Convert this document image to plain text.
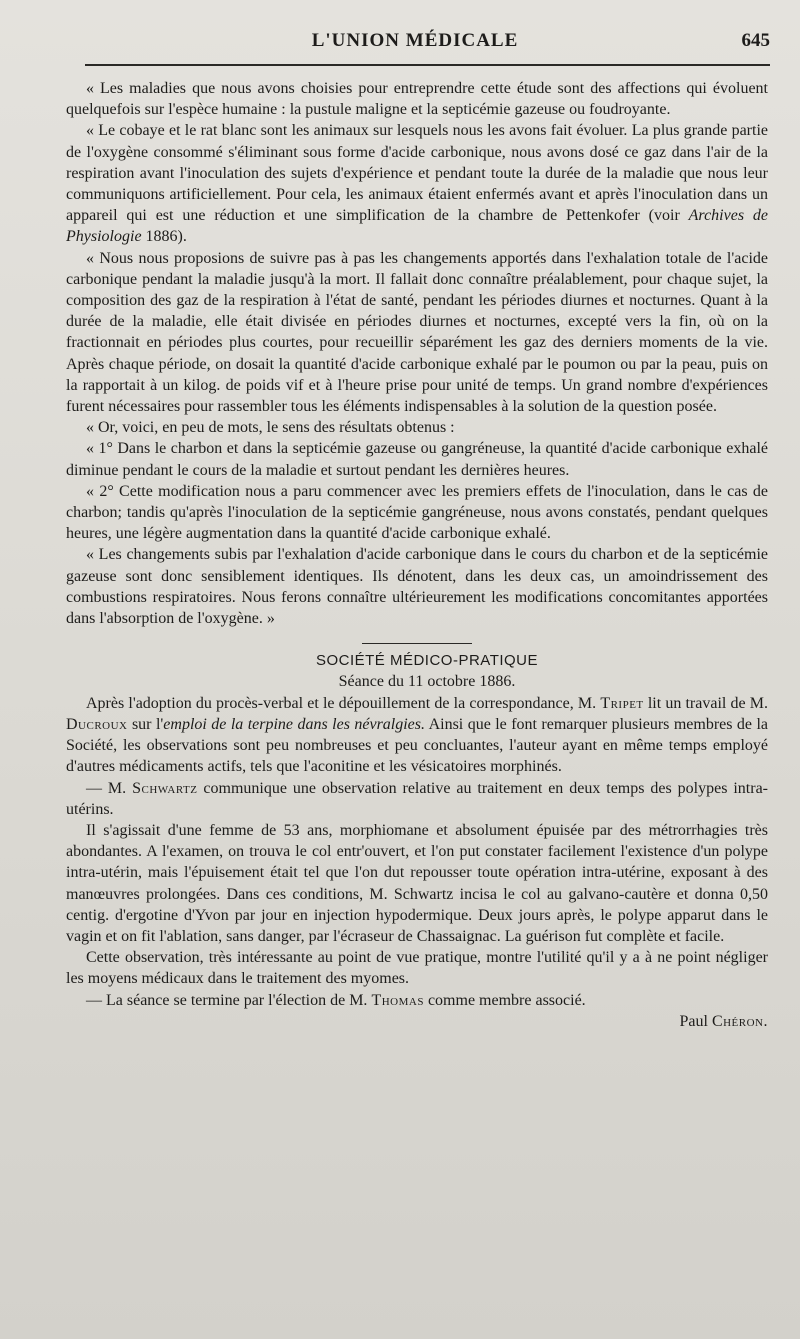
L'UNION MÉDICALE	645

« Les maladies que nous avons choisies pour entreprendre cette étude sont des affections qui évoluent quelquefois sur l'espèce humaine : la pustule maligne et la septicémie gazeuse ou foudroyante.

« Le cobaye et le rat blanc sont les animaux sur lesquels nous les avons fait évoluer. La plus grande partie de l'oxygène consommé s'éliminant sous forme d'acide carbonique, nous avons dosé ce gaz dans l'air de la respiration avant l'inoculation des sujets d'expérience et pendant toute la durée de la maladie que nous leur communiquons artificiellement. Pour cela, les animaux étaient enfermés avant et après l'inoculation dans un appareil qui est une réduction et une simplification de la chambre de Pettenkofer (voir Archives de Physiologie 1886).

« Nous nous proposions de suivre pas à pas les changements apportés dans l'exhalation totale de l'acide carbonique pendant la maladie jusqu'à la mort. Il fallait donc connaître préalablement, pour chaque sujet, la composition des gaz de la respiration à l'état de santé, pendant les périodes diurnes et nocturnes. Quant à la durée de la maladie, elle était divisée en périodes diurnes et nocturnes, excepté vers la fin, où on la fractionnait en périodes plus courtes, pour recueillir séparément les gaz des derniers moments de la vie. Après chaque période, on dosait la quantité d'acide carbonique exhalé par le poumon ou par la peau, puis on la rapportait à un kilog. de poids vif et à l'heure prise pour unité de temps. Un grand nombre d'expériences furent nécessaires pour rassembler tous les éléments indispensables à la solution de la question posée.

« Or, voici, en peu de mots, le sens des résultats obtenus :

« 1° Dans le charbon et dans la septicémie gazeuse ou gangréneuse, la quantité d'acide carbonique exhalé diminue pendant le cours de la maladie et surtout pendant les dernières heures.

« 2° Cette modification nous a paru commencer avec les premiers effets de l'inoculation, dans le cas de charbon; tandis qu'après l'inoculation de la septicémie gangréneuse, nous avons constatés, pendant quelques heures, une légère augmentation dans la quantité d'acide carbonique exhalé.

« Les changements subis par l'exhalation d'acide carbonique dans le cours du charbon et de la septicémie gazeuse sont donc sensiblement identiques. Ils dénotent, dans les deux cas, un amoindrissement des combustions respiratoires. Nous ferons connaître ultérieurement les modifications concomitantes apportées dans l'absorption de l'oxygène. »

SOCIÉTÉ MÉDICO-PRATIQUE

Séance du 11 octobre 1886.

Après l'adoption du procès-verbal et le dépouillement de la correspondance, M. Tripet lit un travail de M. Ducroux sur l'emploi de la terpine dans les névralgies. Ainsi que le font remarquer plusieurs membres de la Société, les observations sont peu nombreuses et peu concluantes, l'auteur ayant en même temps employé d'autres médicaments actifs, tels que l'aconitine et les vésicatoires morphinés.

— M. Schwartz communique une observation relative au traitement en deux temps des polypes intra-utérins.

Il s'agissait d'une femme de 53 ans, morphiomane et absolument épuisée par des métrorrhagies très abondantes. A l'examen, on trouva le col entr'ouvert, et l'on put constater facilement l'existence d'un polype intra-utérin, mais l'épuisement était tel que l'on dut repousser toute opération intra-utérine, exposant à des manœuvres prolongées. Dans ces conditions, M. Schwartz incisa le col au galvano-cautère et donna 0,50 centig. d'ergotine d'Yvon par jour en injection hypodermique. Deux jours après, le polype apparut dans le vagin et on fit l'ablation, sans danger, par l'écraseur de Chassaignac. La guérison fut complète et facile.

Cette observation, très intéressante au point de vue pratique, montre l'utilité qu'il y a à ne point négliger les moyens médicaux dans le traitement des myomes.

— La séance se termine par l'élection de M. Thomas comme membre associé.

Paul Chéron.
